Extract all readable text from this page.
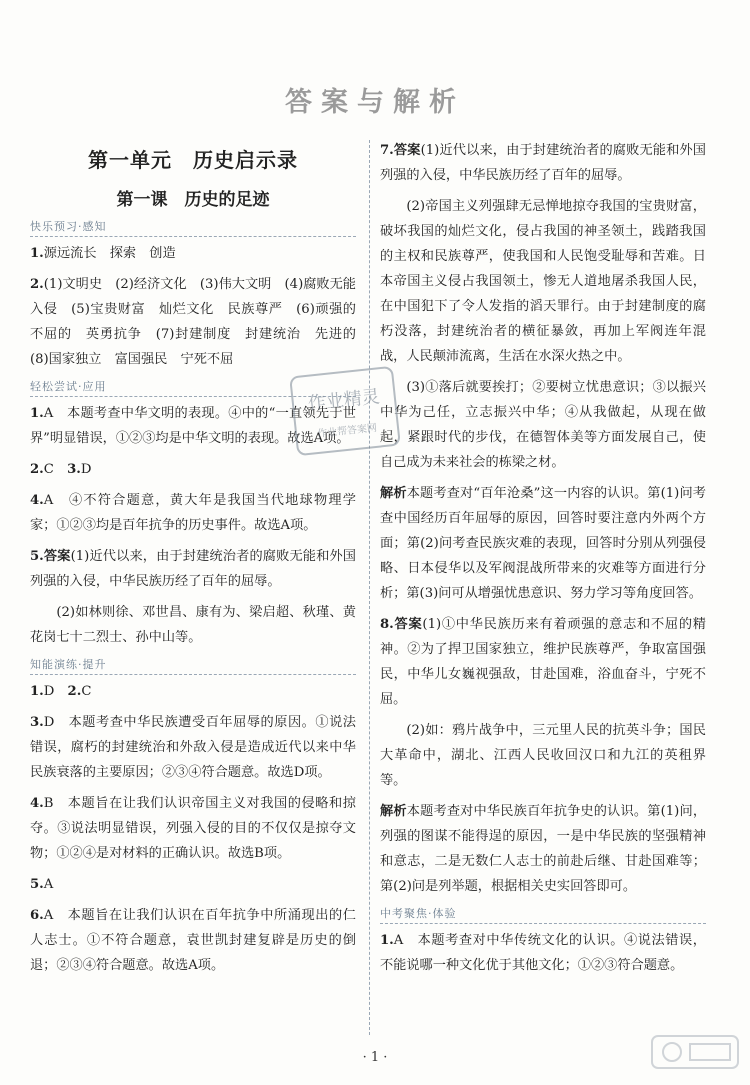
答案与解析
第一单元　历史启示录
第一课　历史的足迹
快乐预习·感知

1.源远流长　探索　创造

2.(1)文明史　(2)经济文化　(3)伟大文明　(4)腐败无能　入侵　(5)宝贵财富　灿烂文化　民族尊严　(6)顽强的　不屈的　英勇抗争　(7)封建制度　封建统治　先进的　(8)国家独立　富国强民　宁死不屈

轻松尝试·应用

1.A　本题考查中华文明的表现。④中的“一直领先于世界”明显错误，①②③均是中华文明的表现。故选A项。

2.C　3.D

4.A　④不符合题意，黄大年是我国当代地球物理学家；①②③均是百年抗争的历史事件。故选A项。

5.答案(1)近代以来，由于封建统治者的腐败无能和外国列强的入侵，中华民族历经了百年的屈辱。

(2)如林则徐、邓世昌、康有为、梁启超、秋瑾、黄花岗七十二烈士、孙中山等。

知能演练·提升

1.D　2.C

3.D　本题考查中华民族遭受百年屈辱的原因。①说法错误，腐朽的封建统治和外敌入侵是造成近代以来中华民族衰落的主要原因；②③④符合题意。故选D项。

4.B　本题旨在让我们认识帝国主义对我国的侵略和掠夺。③说法明显错误，列强入侵的目的不仅仅是掠夺文物；①②④是对材料的正确认识。故选B项。

5.A

6.A　本题旨在让我们认识在百年抗争中所涌现出的仁人志士。①不符合题意，袁世凯封建复辟是历史的倒退；②③④符合题意。故选A项。

7.答案(1)近代以来，由于封建统治者的腐败无能和外国列强的入侵，中华民族历经了百年的屈辱。

(2)帝国主义列强肆无忌惮地掠夺我国的宝贵财富，破坏我国的灿烂文化，侵占我国的神圣领土，践踏我国的主权和民族尊严，使我国和人民饱受耻辱和苦难。日本帝国主义侵占我国领土，惨无人道地屠杀我国人民，在中国犯下了令人发指的滔天罪行。由于封建制度的腐朽没落，封建统治者的横征暴敛，再加上军阀连年混战，人民颠沛流离，生活在水深火热之中。

(3)①落后就要挨打；②要树立忧患意识；③以振兴中华为己任，立志振兴中华；④从我做起，从现在做起，紧跟时代的步伐，在德智体美等方面发展自己，使自己成为未来社会的栋梁之材。

解析本题考查对“百年沧桑”这一内容的认识。第(1)问考查中国经历百年屈辱的原因，回答时要注意内外两个方面；第(2)问考查民族灾难的表现，回答时分别从列强侵略、日本侵华以及军阀混战所带来的灾难等方面进行分析；第(3)问可从增强忧患意识、努力学习等角度回答。

8.答案(1)①中华民族历来有着顽强的意志和不屈的精神。②为了捍卫国家独立，维护民族尊严，争取富国强民，中华儿女巍视强敌，甘赴国难，浴血奋斗，宁死不屈。

(2)如：鸦片战争中，三元里人民的抗英斗争；国民大革命中，湖北、江西人民收回汉口和九江的英租界等。

解析本题考查对中华民族百年抗争史的认识。第(1)问，列强的图谋不能得逞的原因，一是中华民族的坚强精神和意志，二是无数仁人志士的前赴后继、甘赴国难等；第(2)问是列举题，根据相关史实回答即可。

中考聚焦·体验

1.A　本题考查对中华传统文化的认识。④说法错误，不能说哪一种文化优于其他文化；①②③符合题意。

作业精灵
作业帮答案网
· 1 ·
